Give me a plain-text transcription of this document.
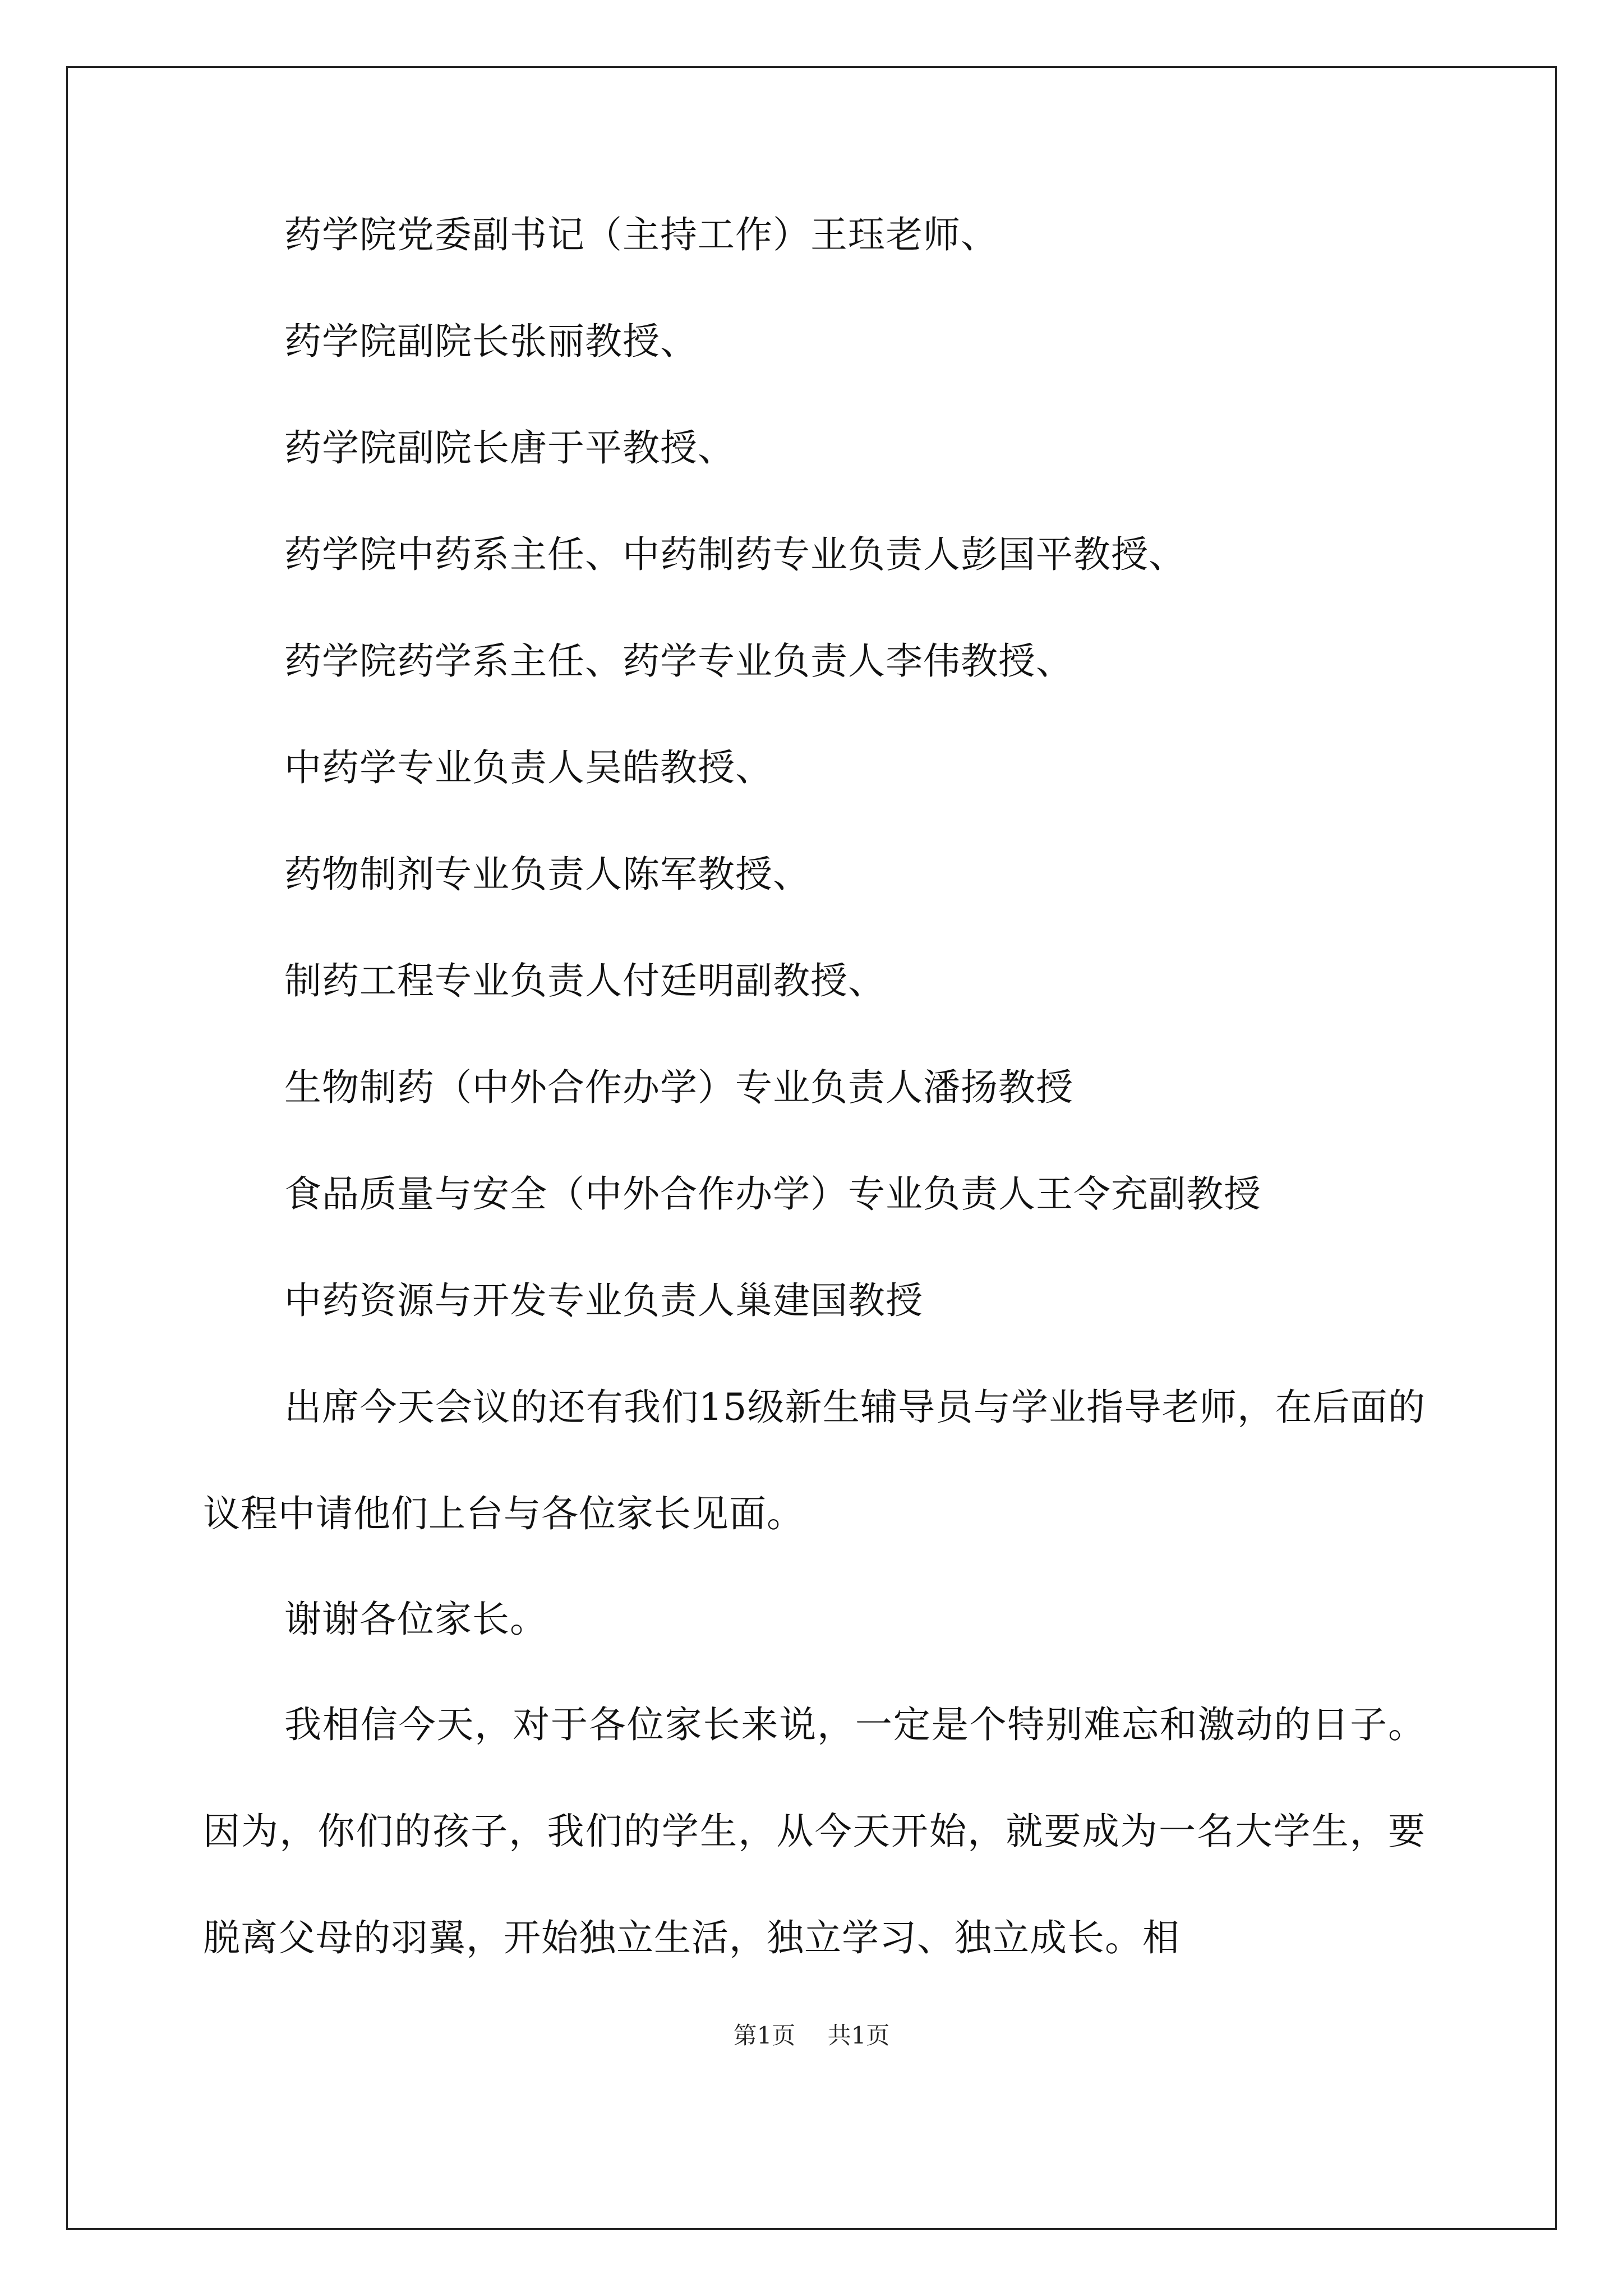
药学院党委副书记（主持工作）王珏老师、
药学院副院长张丽教授、
药学院副院长唐于平教授、
药学院中药系主任、中药制药专业负责人彭国平教授、
药学院药学系主任、药学专业负责人李伟教授、
中药学专业负责人吴皓教授、
药物制剂专业负责人陈军教授、
制药工程专业负责人付廷明副教授、
生物制药（中外合作办学）专业负责人潘扬教授
食品质量与安全（中外合作办学）专业负责人王令充副教授
中药资源与开发专业负责人巢建国教授

出席今天会议的还有我们15级新生辅导员与学业指导老师，在后面的议程中请他们上台与各位家长见面。

谢谢各位家长。

我相信今天，对于各位家长来说，一定是个特别难忘和激动的日子。因为，你们的孩子，我们的学生，从今天开始，就要成为一名大学生，要脱离父母的羽翼，开始独立生活，独立学习、独立成长。相

第1页 共1页
